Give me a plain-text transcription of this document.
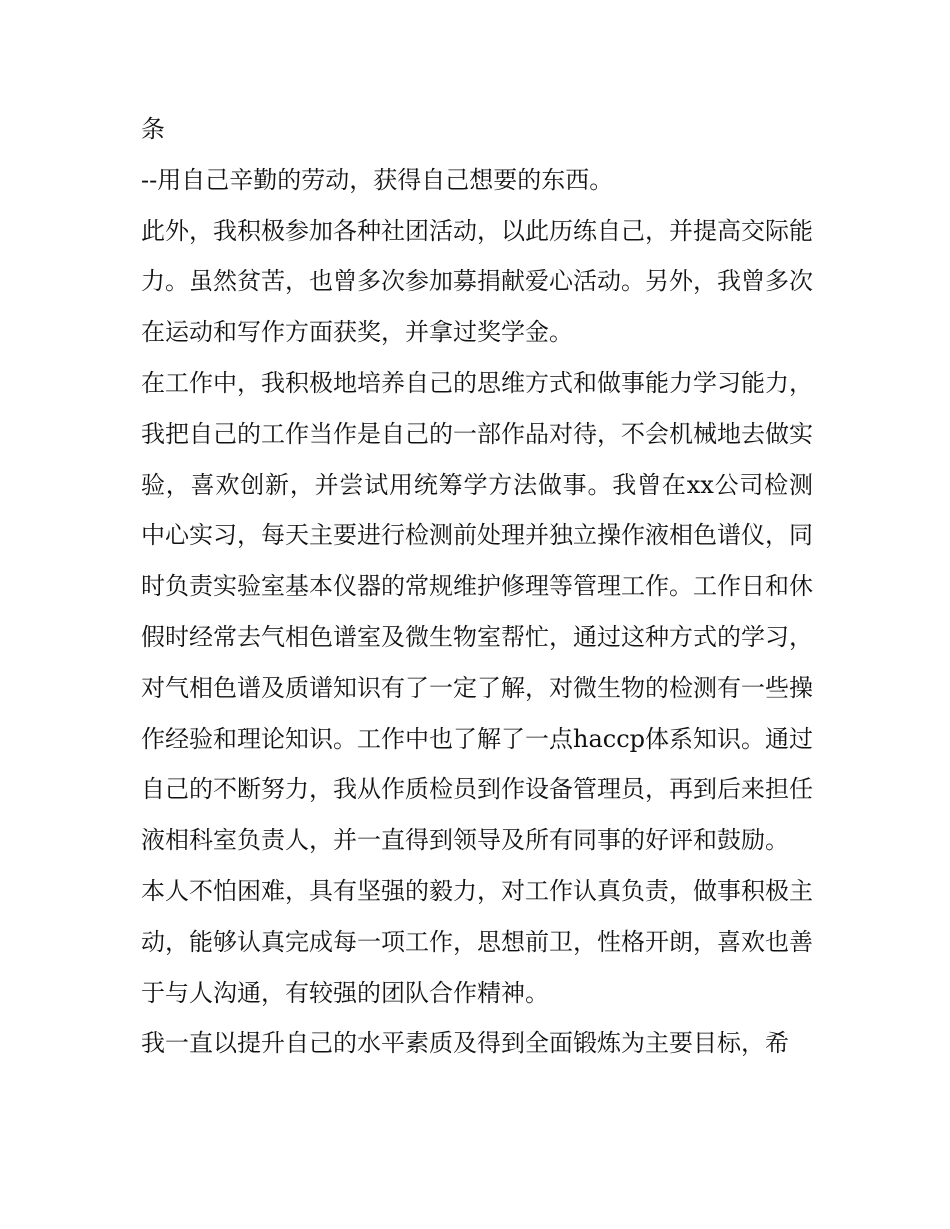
条

--用自己辛勤的劳动，获得自己想要的东西。

此外，我积极参加各种社团活动，以此历练自己，并提高交际能力。虽然贫苦，也曾多次参加募捐献爱心活动。另外，我曾多次在运动和写作方面获奖，并拿过奖学金。

在工作中，我积极地培养自己的思维方式和做事能力学习能力，我把自己的工作当作是自己的一部作品对待，不会机械地去做实验，喜欢创新，并尝试用统筹学方法做事。我曾在xx公司检测中心实习，每天主要进行检测前处理并独立操作液相色谱仪，同时负责实验室基本仪器的常规维护修理等管理工作。工作日和休假时经常去气相色谱室及微生物室帮忙，通过这种方式的学习，对气相色谱及质谱知识有了一定了解，对微生物的检测有一些操作经验和理论知识。工作中也了解了一点haccp体系知识。通过自己的不断努力，我从作质检员到作设备管理员，再到后来担任液相科室负责人，并一直得到领导及所有同事的好评和鼓励。

本人不怕困难，具有坚强的毅力，对工作认真负责，做事积极主动，能够认真完成每一项工作，思想前卫，性格开朗，喜欢也善于与人沟通，有较强的团队合作精神。

我一直以提升自己的水平素质及得到全面锻炼为主要目标，希
